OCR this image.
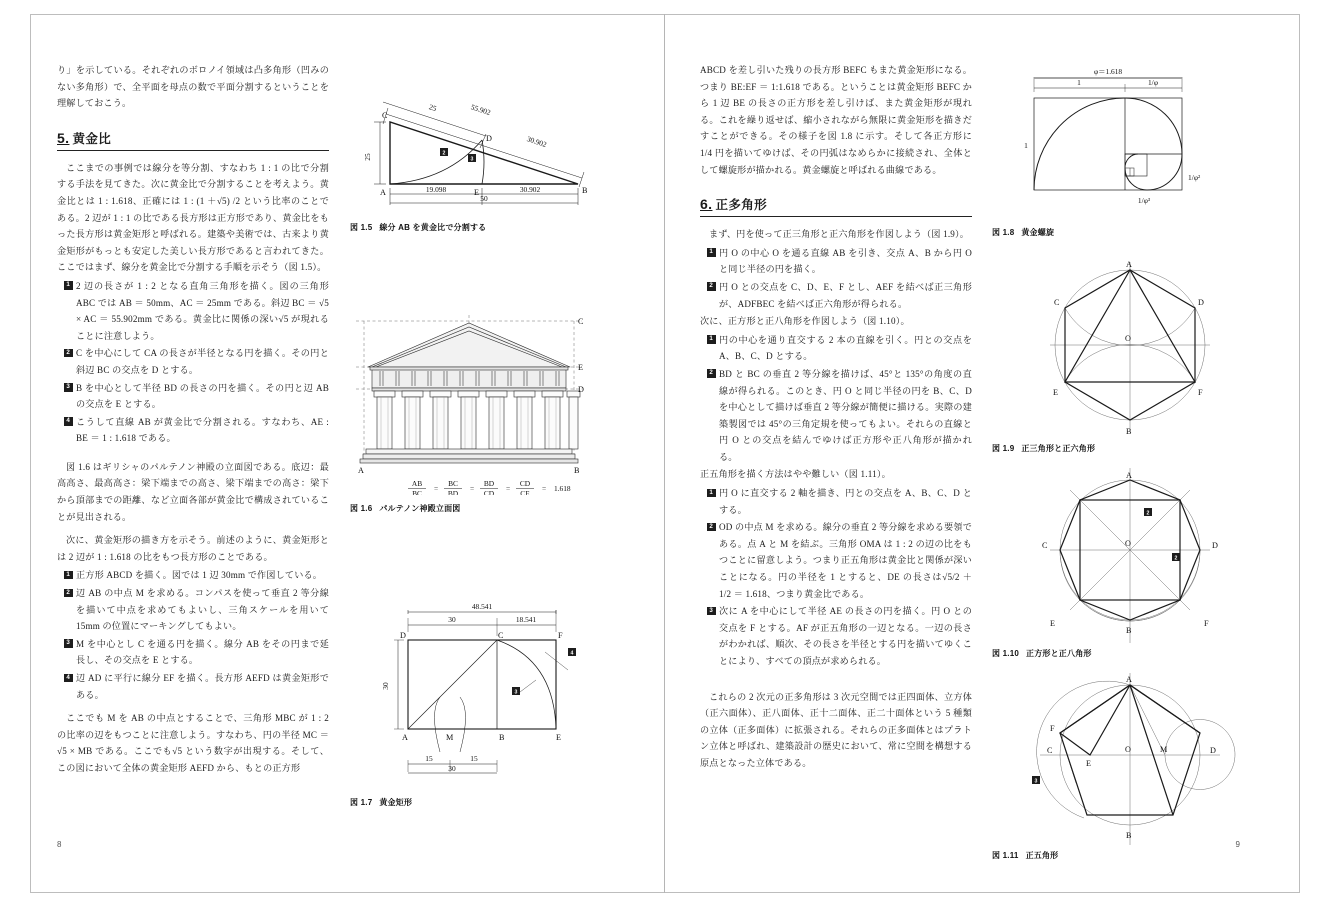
り」を示している。それぞれのボロノイ領域は凸多角形（凹みのない多角形）で、全平面を母点の数で平面分割するということを理解しておこう。

5. 黄金比

ここまでの事例では線分を等分割、すなわち 1 : 1 の比で分割する手法を見てきた。次に黄金比で分割することを考えよう。黄金比とは 1 : 1.618、正確には 1 : (1 ＋√5) /2 という比率のことである。2 辺が 1 : 1 の比である長方形は正方形であり、黄金比をもった長方形は黄金矩形と呼ばれる。建築や美術では、古来より黄金矩形がもっとも安定した美しい長方形であると言われてきた。ここではまず、線分を黄金比で分割する手順を示そう（図 1.5）。

1 2 辺の長さが 1 : 2 となる直角三角形を描く。図の三角形 ABC では AB ＝ 50mm、AC ＝ 25mm である。斜辺 BC ＝ √5 × AC ＝ 55.902mm である。黄金比に関係の深い√5 が現れることに注意しよう。
2 C を中心にして CA の長さが半径となる円を描く。その円と斜辺 BC の交点を D とする。
3 B を中心として半径 BD の長さの円を描く。その円と辺 AB の交点を E とする。
4 こうして直線 AB が黄金比で分割される。すなわち、AE : BE ＝ 1 : 1.618 である。

図 1.6 はギリシャのパルテノン神殿の立面図である。底辺：最高高さ、最高高さ：梁下端までの高さ、梁下端までの高さ：梁下から頂部までの距離、など立面各部が黄金比で構成されていることが見出される。

次に、黄金矩形の描き方を示そう。前述のように、黄金矩形とは 2 辺が 1 : 1.618 の比をもつ長方形のことである。

1 正方形 ABCD を描く。図では 1 辺 30mm で作図している。
2 辺 AB の中点 M を求める。コンパスを使って垂直 2 等分線を描いて中点を求めてもよいし、三角スケールを用いて 15mm の位置にマーキングしてもよい。
3 M を中心とし C を通る円を描く。線分 AB をその円まで延長し、その交点を E とする。
4 辺 AD に平行に線分 EF を描く。長方形 AEFD は黄金矩形である。

ここでも M を AB の中点とすることで、三角形 MBC が 1 : 2 の比率の辺をもつことに注意しよう。すなわち、円の半径 MC ＝√5 × MB である。ここでも√5 という数字が出現する。そして、この図において全体の黄金矩形 AEFD から、もとの正方形

C
A	B
D
E
25
25	55.902
30.902
19.098	30.902
50
2
3
図 1.5 線分 AB を黄金比で分割する
C
E
D
A	B
AB
BC
=
BC
BD
=
BD
CD
=
CD
CE
= 1.618
図 1.6 パルテノン神殿立面図
D	C	F
A	B	E
M
48.541
30	18.541
30
15	15
30
3
4
図 1.7 黄金矩形
8

ABCD を差し引いた残りの長方形 BEFC もまた黄金矩形になる。つまり BE:EF ＝ 1:1.618 である。ということは黄金矩形 BEFC から 1 辺 BE の長さの正方形を差し引けば、また黄金矩形が現れる。これを繰り返せば、縮小されながら無限に黄金矩形を描きだすことができる。その様子を図 1.8 に示す。そして各正方形に 1/4 円を描いてゆけば、その円弧はなめらかに接続され、全体として螺旋形が描かれる。黄金螺旋と呼ばれる曲線である。

6. 正多角形

まず、円を使って正三角形と正六角形を作図しよう（図 1.9）。

1 円 O の中心 O を通る直線 AB を引き、交点 A、B から円 O と同じ半径の円を描く。
2 円 O との交点を C、D、E、F とし、AEF を結べば正三角形が、ADFBEC を結べば正六角形が得られる。

次に、正方形と正八角形を作図しよう（図 1.10）。

1 円の中心を通り直交する 2 本の直線を引く。円との交点を A、B、C、D とする。
2 BD と BC の垂直 2 等分線を描けば、45°と 135°の角度の直線が得られる。このとき、円 O と同じ半径の円を B、C、D を中心として描けば垂直 2 等分線が簡便に描ける。実際の建築製図では 45°の三角定規を使ってもよい。それらの直線と円 O との交点を結んでゆけば正方形や正八角形が描かれる。

正五角形を描く方法はやや難しい（図 1.11）。

1 円 O に直交する 2 軸を描き、円との交点を A、B、C、D とする。
2 OD の中点 M を求める。線分の垂直 2 等分線を求める要領である。点 A と M を結ぶ。三角形 OMA は 1 : 2 の辺の比をもつことに留意しよう。つまり正五角形は黄金比と関係が深いことになる。円の半径を 1 とすると、DE の長さは√5/2 ＋ 1/2 ＝ 1.618、つまり黄金比である。
3 次に A を中心にして半径 AE の長さの円を描く。円 O との交点を F とする。AF が正五角形の一辺となる。一辺の長さがわかれば、順次、その長さを半径とする円を描いてゆくことにより、すべての頂点が求められる。

これらの 2 次元の正多角形は 3 次元空間では正四面体、立方体（正六面体）、正八面体、正十二面体、正二十面体という 5 種類の立体（正多面体）に拡張される。それらの正多面体とはプラトン立体と呼ばれ、建築設計の歴史において、常に空間を構想する原点となった立体である。

φ＝1.618
1	1/φ
1
1/φ²
1/φ³
図 1.8 黄金螺旋
A
B
C	D
E	F
O
図 1.9 正三角形と正六角形
A
B
C	D
E	F
O
2
2
図 1.10 正方形と正八角形
A
B
C	D
E
F
M
O
3
図 1.11 正五角形
9
